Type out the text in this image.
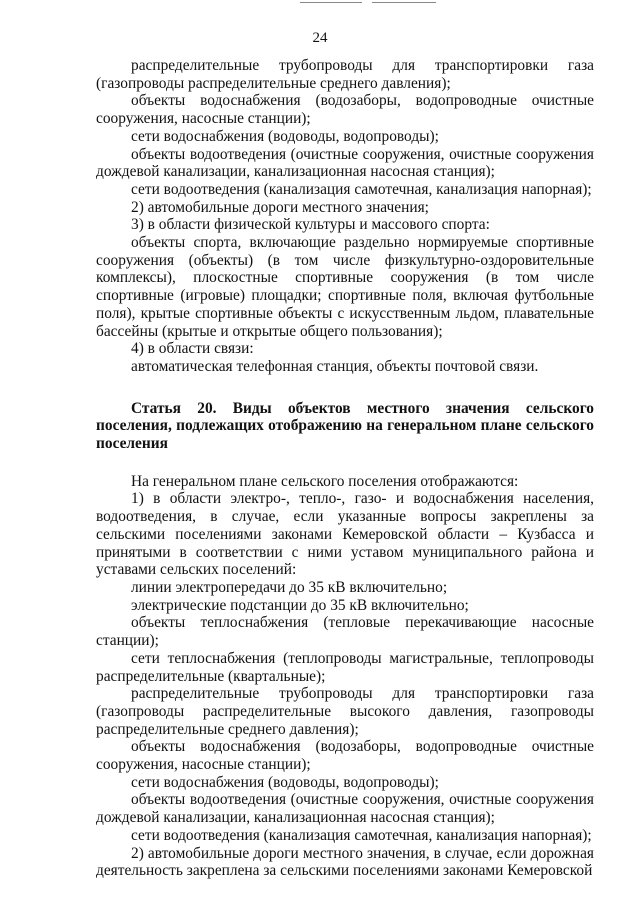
24

распределительные трубопроводы для транспортировки газа (газопроводы распределительные среднего давления);

объекты водоснабжения (водозаборы, водопроводные очистные сооружения, насосные станции);

сети водоснабжения (водоводы, водопроводы);

объекты водоотведения (очистные сооружения, очистные сооружения дождевой канализации, канализационная насосная станция);

сети водоотведения (канализация самотечная, канализация напорная);

2) автомобильные дороги местного значения;

3) в области физической культуры и массового спорта:

объекты спорта, включающие раздельно нормируемые спортивные сооружения (объекты) (в том числе физкультурно-оздоровительные комплексы), плоскостные спортивные сооружения (в том числе спортивные (игровые) площадки; спортивные поля, включая футбольные поля), крытые спортивные объекты с искусственным льдом, плавательные бассейны (крытые и открытые общего пользования);

4) в области связи:

автоматическая телефонная станция, объекты почтовой связи.

Статья 20. Виды объектов местного значения сельского поселения, подлежащих отображению на генеральном плане сельского поселения

На генеральном плане сельского поселения отображаются:

1) в области электро-, тепло-, газо- и водоснабжения населения, водоотведения, в случае, если указанные вопросы закреплены за сельскими поселениями законами Кемеровской области – Кузбасса и принятыми в соответствии с ними уставом муниципального района и уставами сельских поселений:

линии электропередачи до 35 кВ включительно;

электрические подстанции до 35 кВ включительно;

объекты теплоснабжения (тепловые перекачивающие насосные станции);

сети теплоснабжения (теплопроводы магистральные, теплопроводы распределительные (квартальные);

распределительные трубопроводы для транспортировки газа (газопроводы распределительные высокого давления, газопроводы распределительные среднего давления);

объекты водоснабжения (водозаборы, водопроводные очистные сооружения, насосные станции);

сети водоснабжения (водоводы, водопроводы);

объекты водоотведения (очистные сооружения, очистные сооружения дождевой канализации, канализационная насосная станция);

сети водоотведения (канализация самотечная, канализация напорная);

2) автомобильные дороги местного значения, в случае, если дорожная деятельность закреплена за сельскими поселениями законами Кемеровской
